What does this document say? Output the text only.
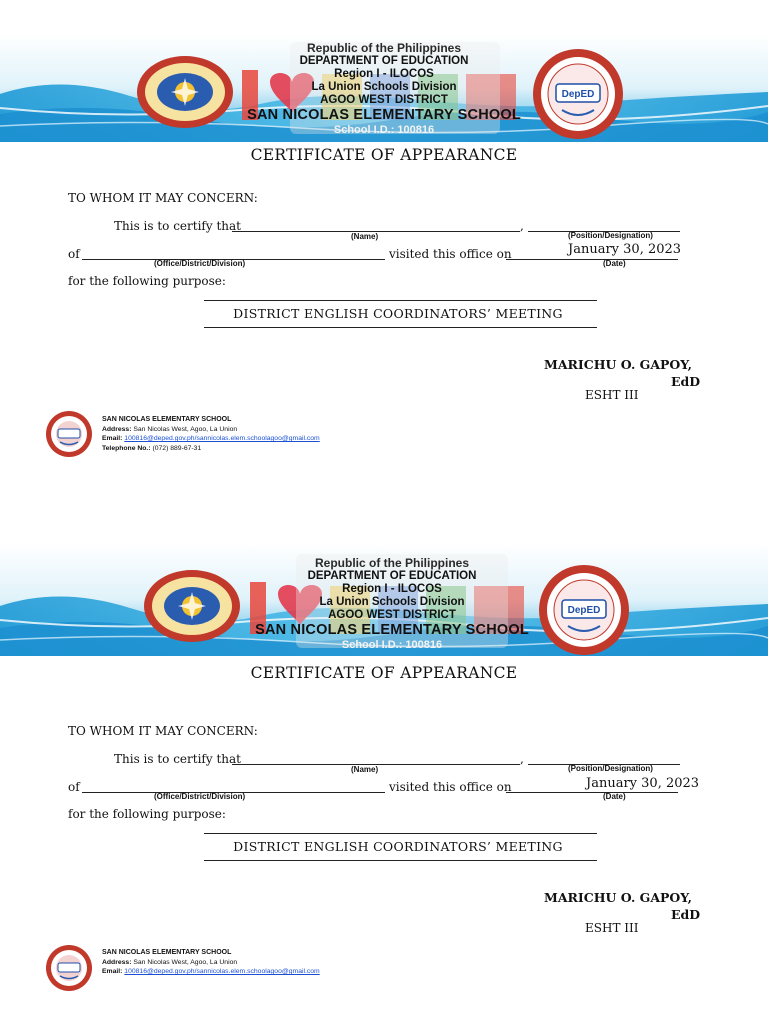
Republic of the Philippines
DEPARTMENT OF EDUCATION
Region I - ILOCOS
La Union Schools Division
AGOO WEST DISTRICT
SAN NICOLAS ELEMENTARY SCHOOL
School I.D.: 100816
DepED
CERTIFICATE OF APPEARANCE
TO WHOM IT MAY CONCERN:
This is to certify that	,
(Name)	(Position/Designation)
of	visited this office on	January 30, 2023
(Office/District/Division)	(Date)
for the following purpose:
DISTRICT ENGLISH COORDINATORS’ MEETING
MARICHU O. GAPOY,
EdD
ESHT III
SAN NICOLAS ELEMENTARY SCHOOL
Address: San Nicolas West, Agoo, La Union
Email: 100816@deped.gov.ph/sannicolas.elem.schoolagoo@gmail.com
Telephone No.: (072) 889-67-31
Republic of the Philippines
DEPARTMENT OF EDUCATION
Region I - ILOCOS
La Union Schools Division
AGOO WEST DISTRICT
SAN NICOLAS ELEMENTARY SCHOOL
School I.D.: 100816
DepED
CERTIFICATE OF APPEARANCE
TO WHOM IT MAY CONCERN:
This is to certify that	,
(Name)	(Position/Designation)
of	visited this office on	January 30, 2023
(Office/District/Division)	(Date)
for the following purpose:
DISTRICT ENGLISH COORDINATORS’ MEETING
MARICHU O. GAPOY,
EdD
ESHT III
SAN NICOLAS ELEMENTARY SCHOOL
Address: San Nicolas West, Agoo, La Union
Email: 100816@deped.gov.ph/sannicolas.elem.schoolagoo@gmail.com
